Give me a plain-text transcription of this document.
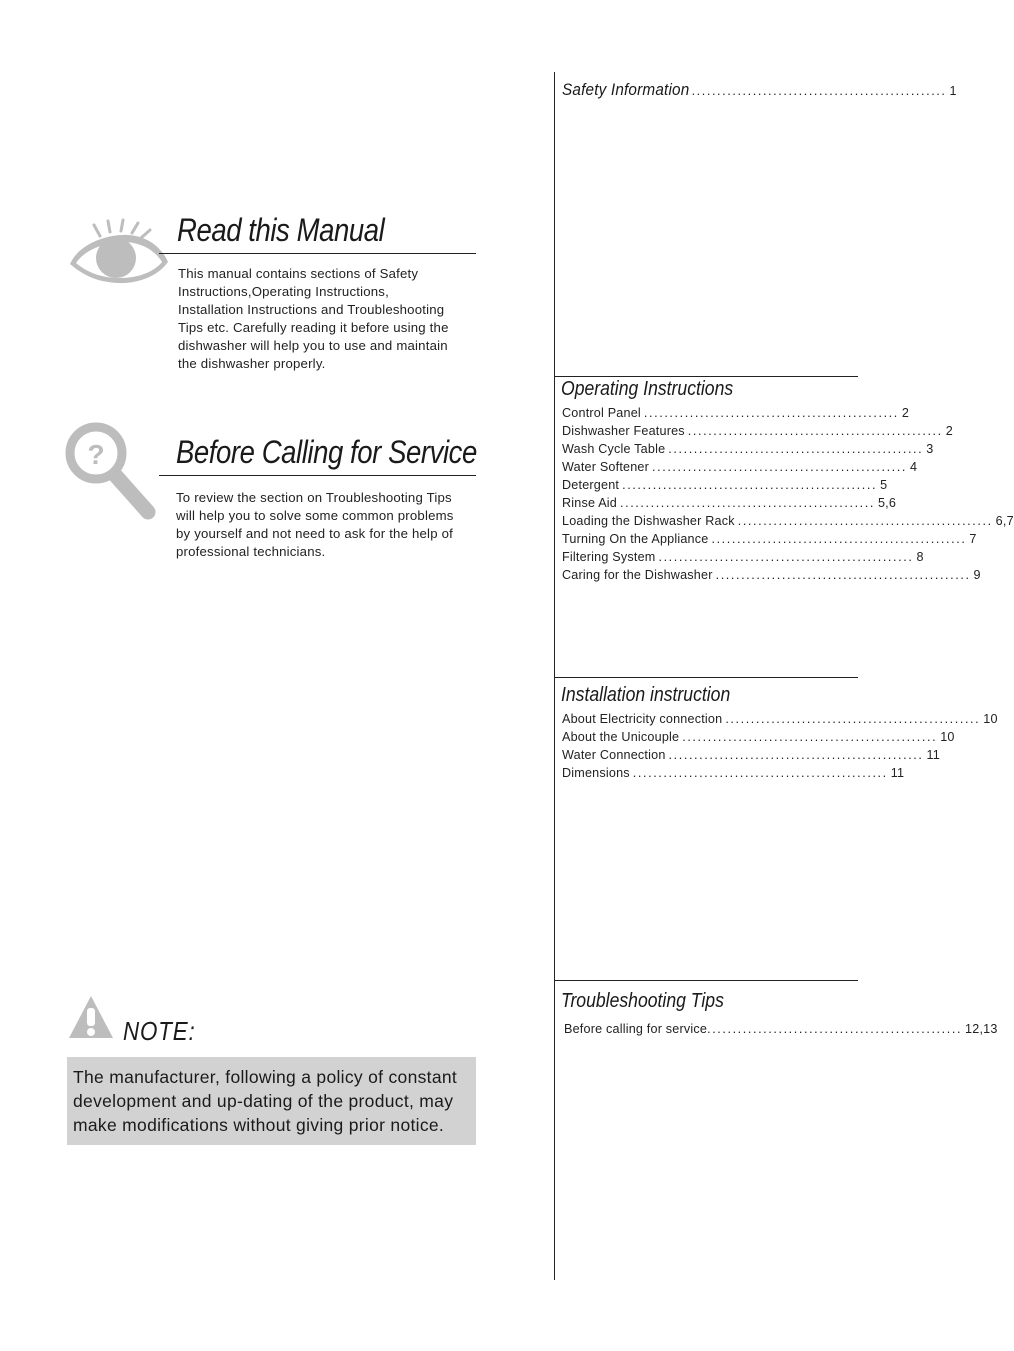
Read this Manual
This manual contains sections of Safety
Instructions,Operating Instructions,
Installation Instructions and Troubleshooting
Tips etc. Carefully reading it before using the
dishwasher will help you to use and maintain
the dishwasher properly.
? Before Calling for Service
To review the section on Troubleshooting Tips
will help you to solve some common problems
by yourself and not need to ask for the help of
professional technicians.
NOTE:
The manufacturer, following a policy of constant
development and up-dating of the product, may
make modifications without giving prior notice.
Safety Information .................................................. 1
Operating Instructions
Control Panel .................................................. 2
Dishwasher Features .................................................. 2
Wash Cycle Table .................................................. 3
Water Softener .................................................. 4
Detergent .................................................. 5
Rinse Aid .................................................. 5,6
Loading the Dishwasher Rack .................................................. 6,7
Turning On the Appliance .................................................. 7
Filtering System .................................................. 8
Caring for the Dishwasher .................................................. 9
Installation instruction
About Electricity connection .................................................. 10
About the Unicouple .................................................. 10
Water Connection .................................................. 11
Dimensions .................................................. 11
Troubleshooting Tips
Before calling for service .................................................. 12,13
